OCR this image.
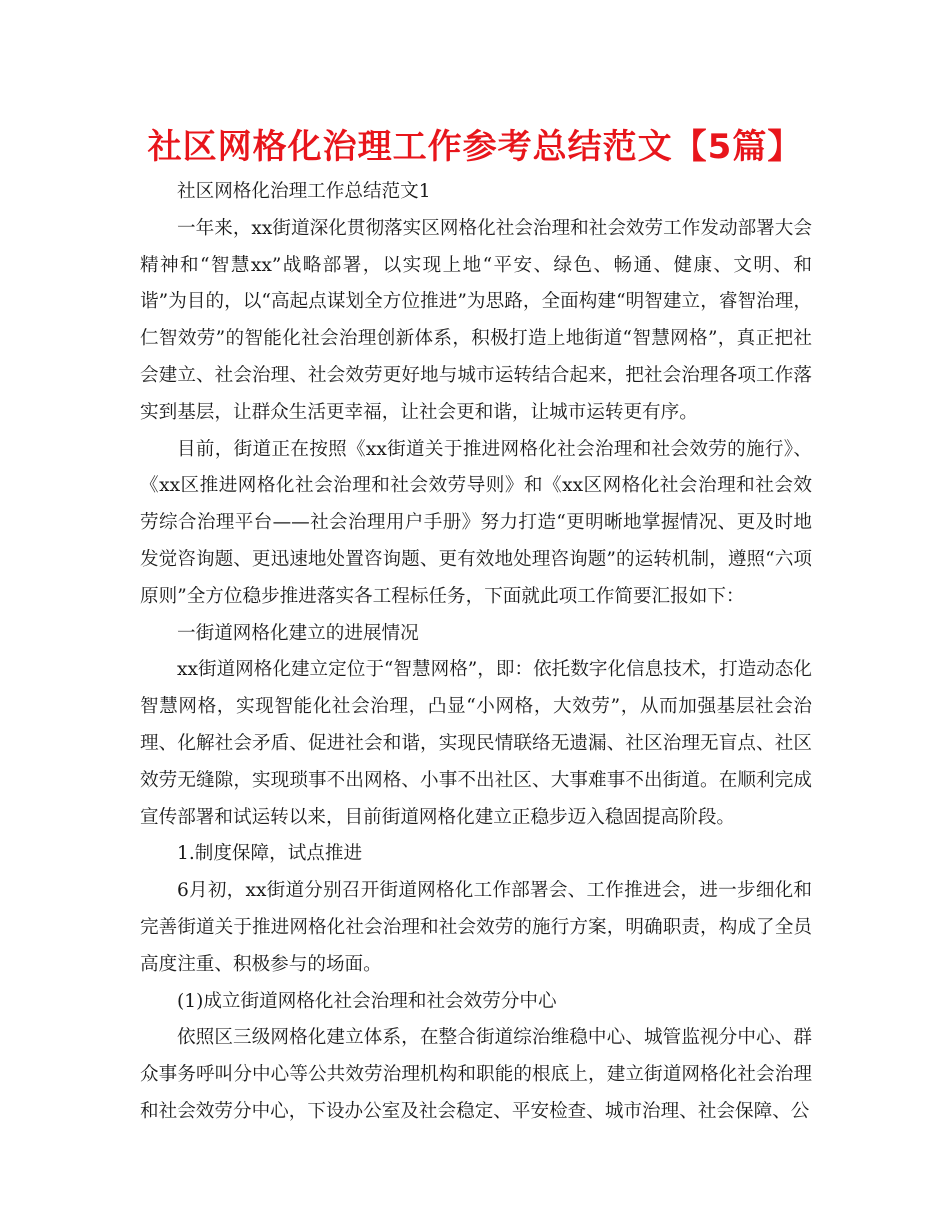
社区网格化治理工作参考总结范文【5篇】

社区网格化治理工作总结范文1

一年来，xx街道深化贯彻落实区网格化社会治理和社会效劳工作发动部署大会精神和“智慧xx”战略部署，以实现上地“平安、绿色、畅通、健康、文明、和谐”为目的，以“高起点谋划全方位推进”为思路，全面构建“明智建立，睿智治理，仁智效劳”的智能化社会治理创新体系，积极打造上地街道“智慧网格”，真正把社会建立、社会治理、社会效劳更好地与城市运转结合起来，把社会治理各项工作落实到基层，让群众生活更幸福，让社会更和谐，让城市运转更有序。

目前，街道正在按照《xx街道关于推进网格化社会治理和社会效劳的施行》、《xx区推进网格化社会治理和社会效劳导则》和《xx区网格化社会治理和社会效劳综合治理平台——社会治理用户手册》努力打造“更明晰地掌握情况、更及时地发觉咨询题、更迅速地处置咨询题、更有效地处理咨询题”的运转机制，遵照“六项原则”全方位稳步推进落实各工程标任务，下面就此项工作简要汇报如下：

一街道网格化建立的进展情况

xx街道网格化建立定位于“智慧网格”，即：依托数字化信息技术，打造动态化智慧网格，实现智能化社会治理，凸显“小网格，大效劳”，从而加强基层社会治理、化解社会矛盾、促进社会和谐，实现民情联络无遗漏、社区治理无盲点、社区效劳无缝隙，实现琐事不出网格、小事不出社区、大事难事不出街道。在顺利完成宣传部署和试运转以来，目前街道网格化建立正稳步迈入稳固提高阶段。

1.制度保障，试点推进

6月初，xx街道分别召开街道网格化工作部署会、工作推进会，进一步细化和完善街道关于推进网格化社会治理和社会效劳的施行方案，明确职责，构成了全员高度注重、积极参与的场面。

(1)成立街道网格化社会治理和社会效劳分中心

依照区三级网格化建立体系，在整合街道综治维稳中心、城管监视分中心、群众事务呼叫分中心等公共效劳治理机构和职能的根底上，建立街道网格化社会治理和社会效劳分中心，下设办公室及社会稳定、平安检查、城市治理、社会保障、公
